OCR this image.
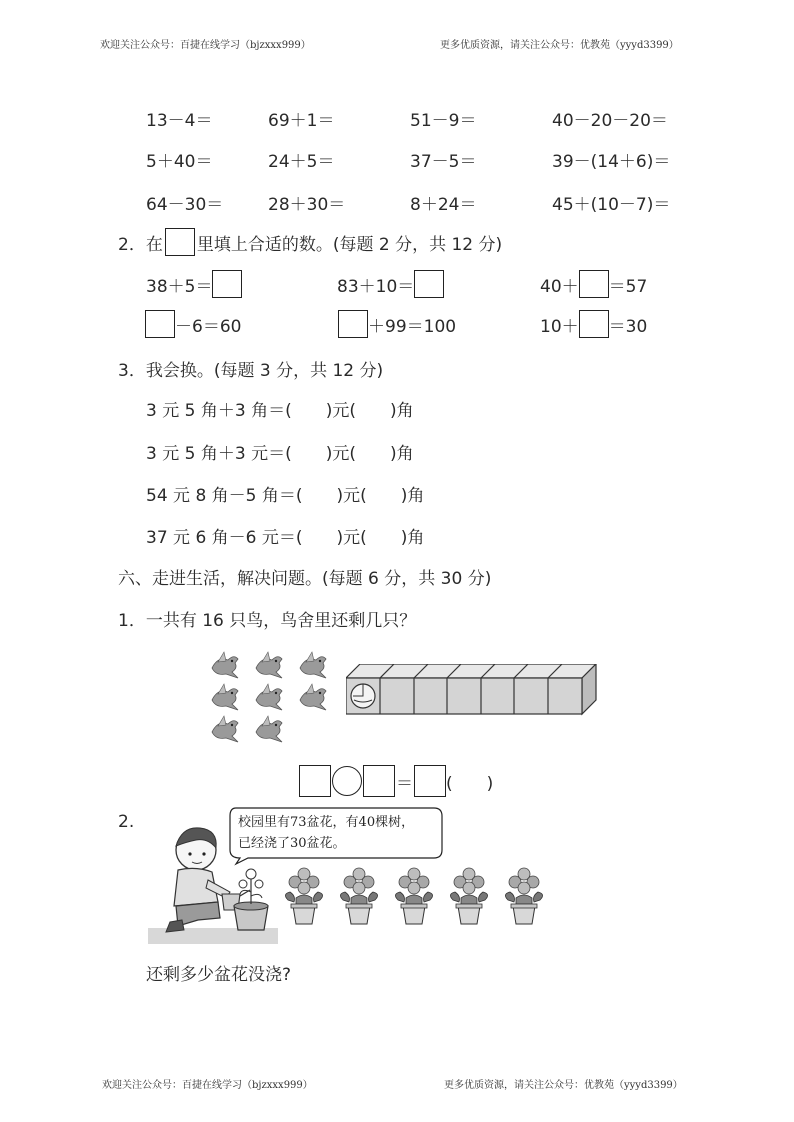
欢迎关注公众号：百捷在线学习（bjzxxx999）	更多优质资源，请关注公众号：优教苑（yyyd3399）
欢迎关注公众号：百捷在线学习（bjzxxx999）	更多优质资源，请关注公众号：优教苑（yyyd3399）
13－4＝	69＋1＝	51－9＝	40－20－20＝
5＋40＝	24＋5＝	37－5＝	39－(14＋6)＝
64－30＝	28＋30＝	8＋24＝	45＋(10－7)＝
2．在 里填上合适的数。(每题 2 分，共 12 分)
38＋5＝	83＋10＝	40＋ ＝57
－6＝60	＋99＝100	10＋ ＝30
3．我会换。(每题 3 分，共 12 分)
3 元 5 角＋3 角＝(　　)元(　　)角
3 元 5 角＋3 元＝(　　)元(　　)角
54 元 8 角－5 角＝(　　)元(　　)角
37 元 6 角－6 元＝(　　)元(　　)角
六、走进生活，解决问题。(每题 6 分，共 30 分)
1．一共有 16 只鸟，鸟舍里还剩几只？
＝ (　　)
2.	校园里有73盆花，有40棵树，
已经浇了30盆花。
还剩多少盆花没浇?
